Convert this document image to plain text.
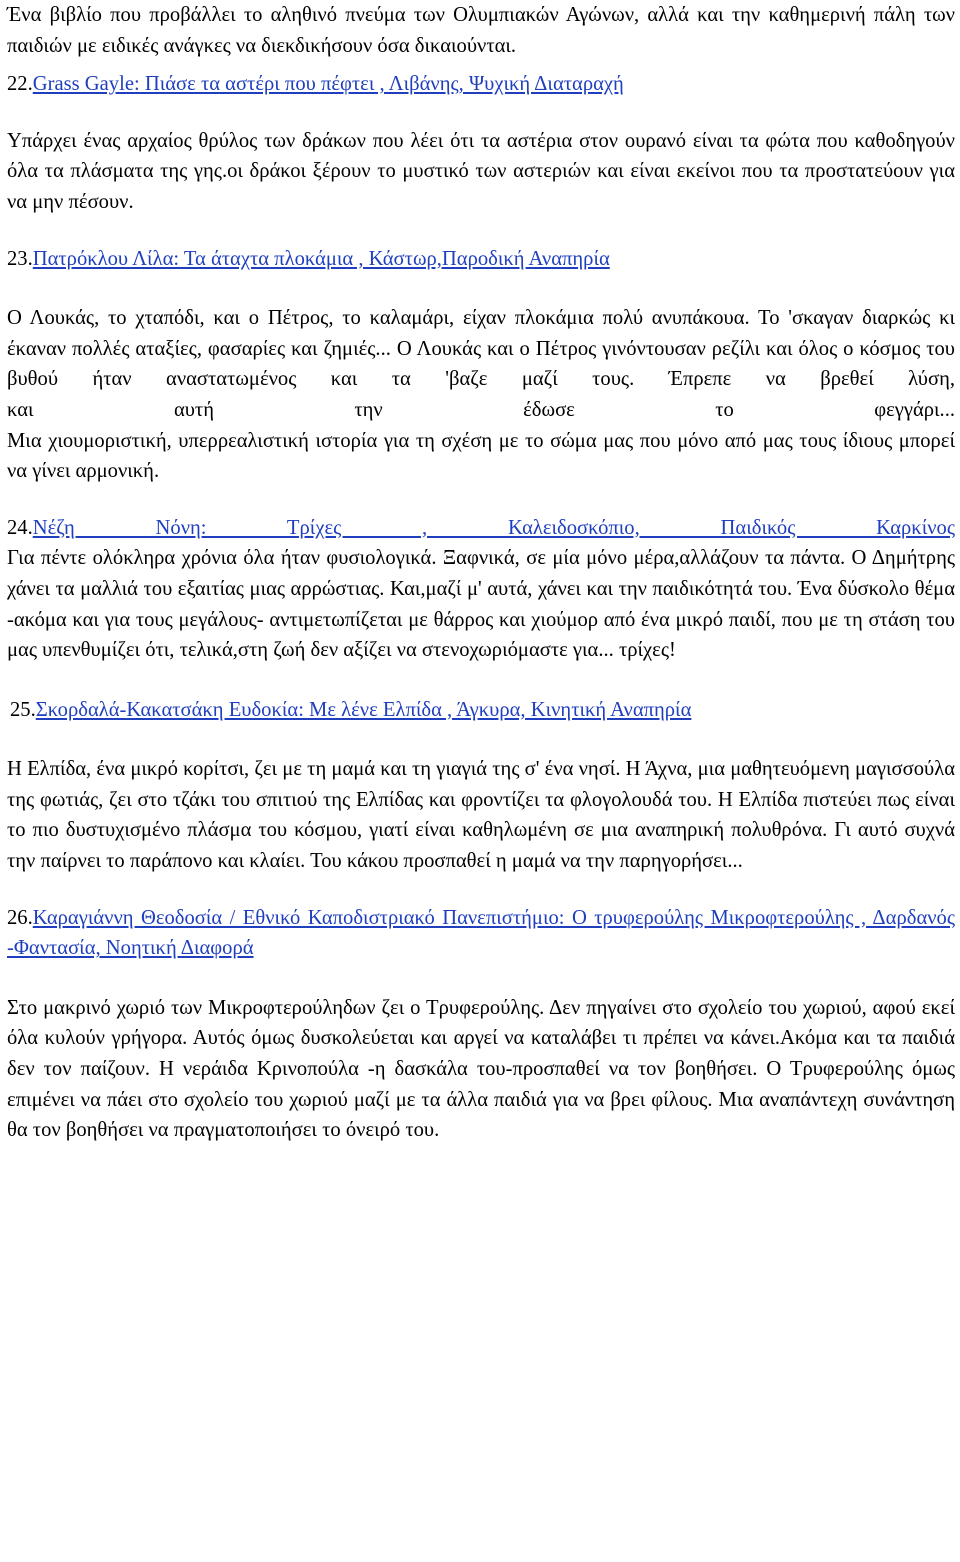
Ένα βιβλίο που προβάλλει το αληθινό πνεύμα των Ολυμπιακών Αγώνων, αλλά και την καθημερινή πάλη των παιδιών με ειδικές ανάγκες να διεκδικήσουν όσα δικαιούνται.

22.Grass Gayle: Πιάσε τα αστέρι που πέφτει , Λιβάνης, Ψυχική Διαταραχή

Υπάρχει ένας αρχαίος θρύλος των δράκων που λέει ότι τα αστέρια στον ουρανό είναι τα φώτα που καθοδηγούν όλα τα πλάσματα της γης.οι δράκοι ξέρουν το μυστικό των αστεριών και είναι εκείνοι που τα προστατεύουν για να μην πέσουν.

23.Πατρόκλου Λίλα: Τα άταχτα πλοκάμια , Κάστωρ,Παροδική Αναπηρία

Ο Λουκάς, το χταπόδι, και ο Πέτρος, το καλαμάρι, είχαν πλοκάμια πολύ ανυπάκουα. Το 'σκαγαν διαρκώς κι έκαναν πολλές αταξίες, φασαρίες και ζημιές... Ο Λουκάς και ο Πέτρος γινόντουσαν ρεζίλι και όλος ο κόσμος του βυθού ήταν αναστατωμένος και τα 'βαζε μαζί τους. Έπρεπε να βρεθεί λύση,

και αυτή την έδωσε το φεγγάρι...

Μια χιουμοριστική, υπερρεαλιστική ιστορία για τη σχέση με το σώμα μας που μόνο από μας τους ίδιους μπορεί να γίνει αρμονική.

24.Νέζη Νόνη: Τρίχες , Καλειδοσκόπιο, Παιδικός Καρκίνος

Για πέντε ολόκληρα χρόνια όλα ήταν φυσιολογικά. Ξαφνικά, σε μία μόνο μέρα,αλλάζουν τα πάντα. Ο Δημήτρης χάνει τα μαλλιά του εξαιτίας μιας αρρώστιας. Και,μαζί μ' αυτά, χάνει και την παιδικότητά του. Ένα δύσκολο θέμα -ακόμα και για τους μεγάλους- αντιμετωπίζεται με θάρρος και χιούμορ από ένα μικρό παιδί, που με τη στάση του μας υπενθυμίζει ότι, τελικά,στη ζωή δεν αξίζει να στενοχωριόμαστε για... τρίχες!

25.Σκορδαλά-Κακατσάκη Ευδοκία: Με λένε Ελπίδα , Άγκυρα, Κινητική Αναπηρία

Η Ελπίδα, ένα μικρό κορίτσι, ζει με τη μαμά και τη γιαγιά της σ' ένα νησί. Η Άχνα, μια μαθητευόμενη μαγισσούλα της φωτιάς, ζει στο τζάκι του σπιτιού της Ελπίδας και φροντίζει τα φλογολουδά του. Η Ελπίδα πιστεύει πως είναι το πιο δυστυχισμένο πλάσμα του κόσμου, γιατί είναι καθηλωμένη σε μια αναπηρική πολυθρόνα. Γι αυτό συχνά την παίρνει το παράπονο και κλαίει. Του κάκου προσπαθεί η μαμά να την παρηγορήσει...

26.Καραγιάννη Θεοδοσία / Εθνικό Καποδιστριακό Πανεπιστήμιο: Ο τρυφερούλης Μικροφτερούλης , Δαρδανός -Φαντασία, Νοητική Διαφορά

Στο μακρινό χωριό των Μικροφτερούληδων ζει ο Τρυφερούλης. Δεν πηγαίνει στο σχολείο του χωριού, αφού εκεί όλα κυλούν γρήγορα. Αυτός όμως δυσκολεύεται και αργεί να καταλάβει τι πρέπει να κάνει.Ακόμα και τα παιδιά δεν τον παίζουν. Η νεράιδα Κρινοπούλα -η δασκάλα του-προσπαθεί να τον βοηθήσει. Ο Τρυφερούλης όμως επιμένει να πάει στο σχολείο του χωριού μαζί με τα άλλα παιδιά για να βρει φίλους. Μια αναπάντεχη συνάντηση θα τον βοηθήσει να πραγματοποιήσει το όνειρό του.
